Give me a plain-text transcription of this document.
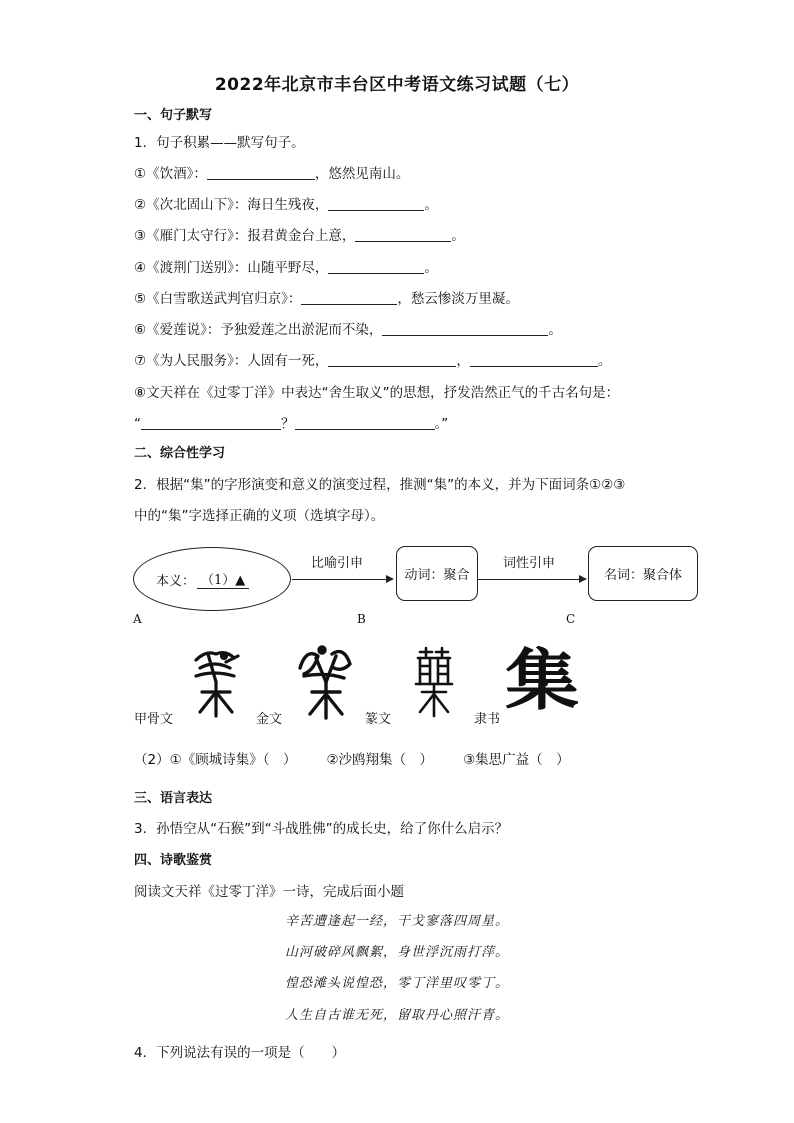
2022年北京市丰台区中考语文练习试题（七）
一、句子默写
1．句子积累——默写句子。
①《饮酒》：	，悠然见南山。
②《次北固山下》：海日生残夜，	。
③《雁门太守行》：报君黄金台上意，	。
④《渡荆门送别》：山随平野尽，	。
⑤《白雪歌送武判官归京》：	，愁云惨淡万里凝。
⑥《爱莲说》：予独爱莲之出淤泥而不染，	。
⑦《为人民服务》：人固有一死，	，	。
⑧文天祥在《过零丁洋》中表达“舍生取义”的思想，抒发浩然正气的千古名句是：
“	？	。”
二、综合性学习
2．根据“集”的字形演变和意义的演变过程，推测“集”的本义，并为下面词条①②③
中的“集”字选择正确的义项（选填字母）。
本义： （1）▲
比喻引申
动词：聚合
词性引申
名词：聚合体
A	B	C
集
甲骨文	金文	篆文	隶书
（2）①《顾城诗集》（　） ②沙鸥翔集（　） ③集思广益（　）
三、语言表达
3．孙悟空从“石猴”到“斗战胜佛”的成长史，给了你什么启示？
四、诗歌鉴赏
阅读文天祥《过零丁洋》一诗，完成后面小题
辛苦遭逢起一经，干戈寥落四周星。
山河破碎风飘絮，身世浮沉雨打萍。
惶恐滩头说惶恐，零丁洋里叹零丁。
人生自古谁无死，留取丹心照汗青。
4．下列说法有误的一项是（　　）
